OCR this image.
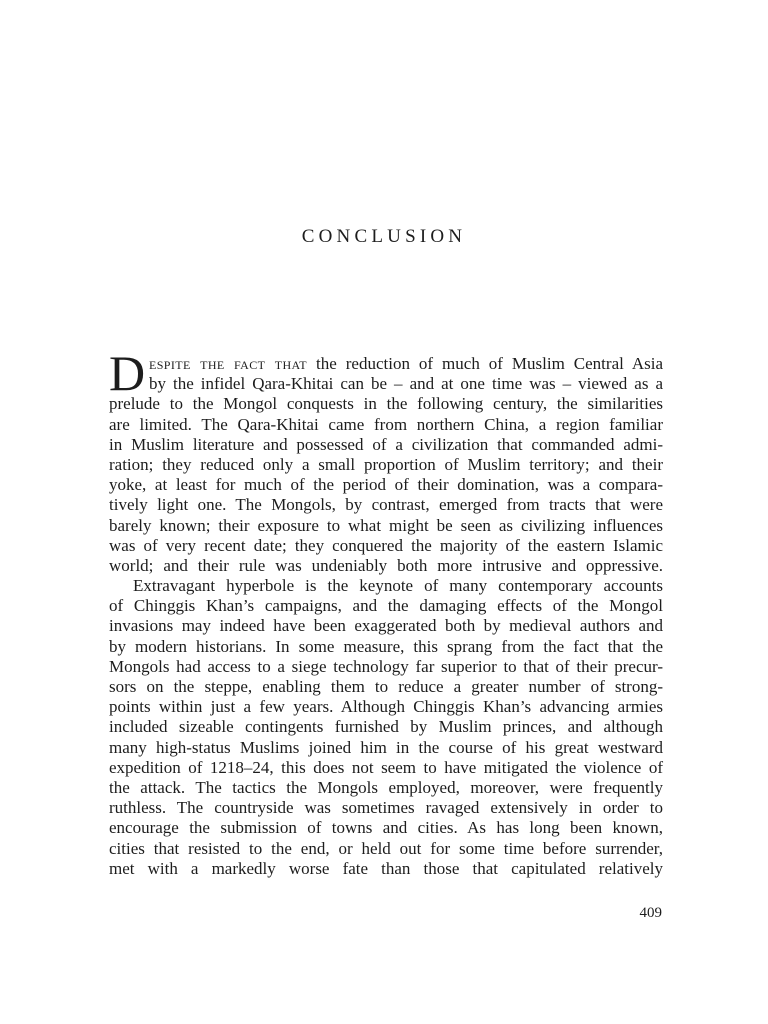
CONCLUSION
D espite the fact that the reduction of much of Muslim Central Asia
by the infidel Qara-Khitai can be – and at one time was – viewed as a
prelude to the Mongol conquests in the following century, the similarities
are limited. The Qara-Khitai came from northern China, a region familiar
in Muslim literature and possessed of a civilization that commanded admi-
ration; they reduced only a small proportion of Muslim territory; and their
yoke, at least for much of the period of their domination, was a compara-
tively light one. The Mongols, by contrast, emerged from tracts that were
barely known; their exposure to what might be seen as civilizing influences
was of very recent date; they conquered the majority of the eastern Islamic
world; and their rule was undeniably both more intrusive and oppressive.
Extravagant hyperbole is the keynote of many contemporary accounts
of Chinggis Khan’s campaigns, and the damaging effects of the Mongol
invasions may indeed have been exaggerated both by medieval authors and
by modern historians. In some measure, this sprang from the fact that the
Mongols had access to a siege technology far superior to that of their precur-
sors on the steppe, enabling them to reduce a greater number of strong-
points within just a few years. Although Chinggis Khan’s advancing armies
included sizeable contingents furnished by Muslim princes, and although
many high-status Muslims joined him in the course of his great westward
expedition of 1218–24, this does not seem to have mitigated the violence of
the attack. The tactics the Mongols employed, moreover, were frequently
ruthless. The countryside was sometimes ravaged extensively in order to
encourage the submission of towns and cities. As has long been known,
cities that resisted to the end, or held out for some time before surrender,
met with a markedly worse fate than those that capitulated relatively
409
